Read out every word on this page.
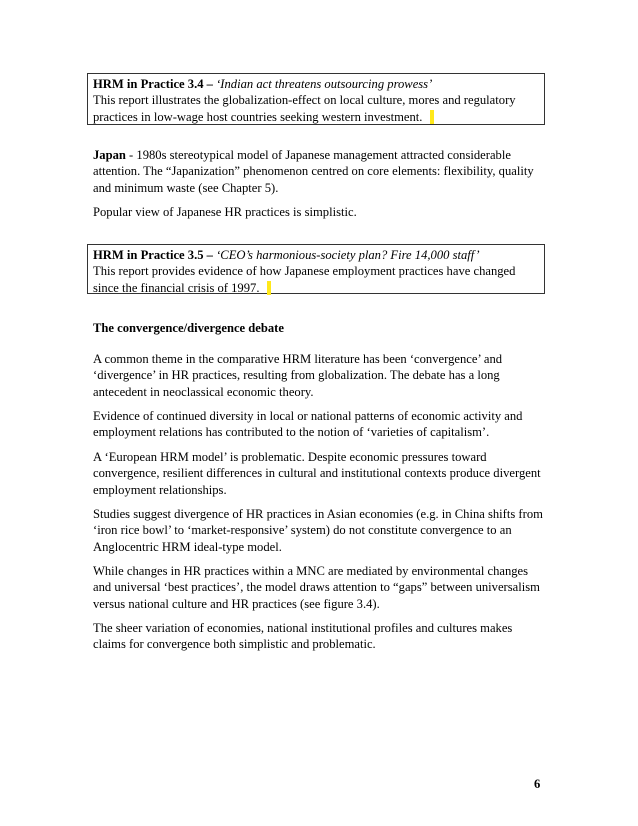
HRM in Practice 3.4 – ‘Indian act threatens outsourcing prowess’

This report illustrates the globalization-effect on local culture, mores and regulatory practices in low-wage host countries seeking western investment.

Japan - 1980s stereotypical model of Japanese management attracted considerable attention. The “Japanization” phenomenon centred on core elements: flexibility, quality and minimum waste (see Chapter 5).

Popular view of Japanese HR practices is simplistic.

HRM in Practice 3.5 – ‘CEO’s harmonious-society plan? Fire 14,000 staff’

This report provides evidence of how Japanese employment practices have changed since the financial crisis of 1997.

The convergence/divergence debate

A common theme in the comparative HRM literature has been ‘convergence’ and ‘divergence’ in HR practices, resulting from globalization. The debate has a long antecedent in neoclassical economic theory.

Evidence of continued diversity in local or national patterns of economic activity and employment relations has contributed to the notion of ‘varieties of capitalism’.

A ‘European HRM model’ is problematic. Despite economic pressures toward convergence, resilient differences in cultural and institutional contexts produce divergent employment relationships.

Studies suggest divergence of HR practices in Asian economies (e.g. in China shifts from ‘iron rice bowl’ to ‘market-responsive’ system) do not constitute convergence to an Anglocentric HRM ideal-type model.

While changes in HR practices within a MNC are mediated by environmental changes and universal ‘best practices’, the model draws attention to “gaps” between universalism versus national culture and HR practices (see figure 3.4).

The sheer variation of economies, national institutional profiles and cultures makes claims for convergence both simplistic and problematic.

6
